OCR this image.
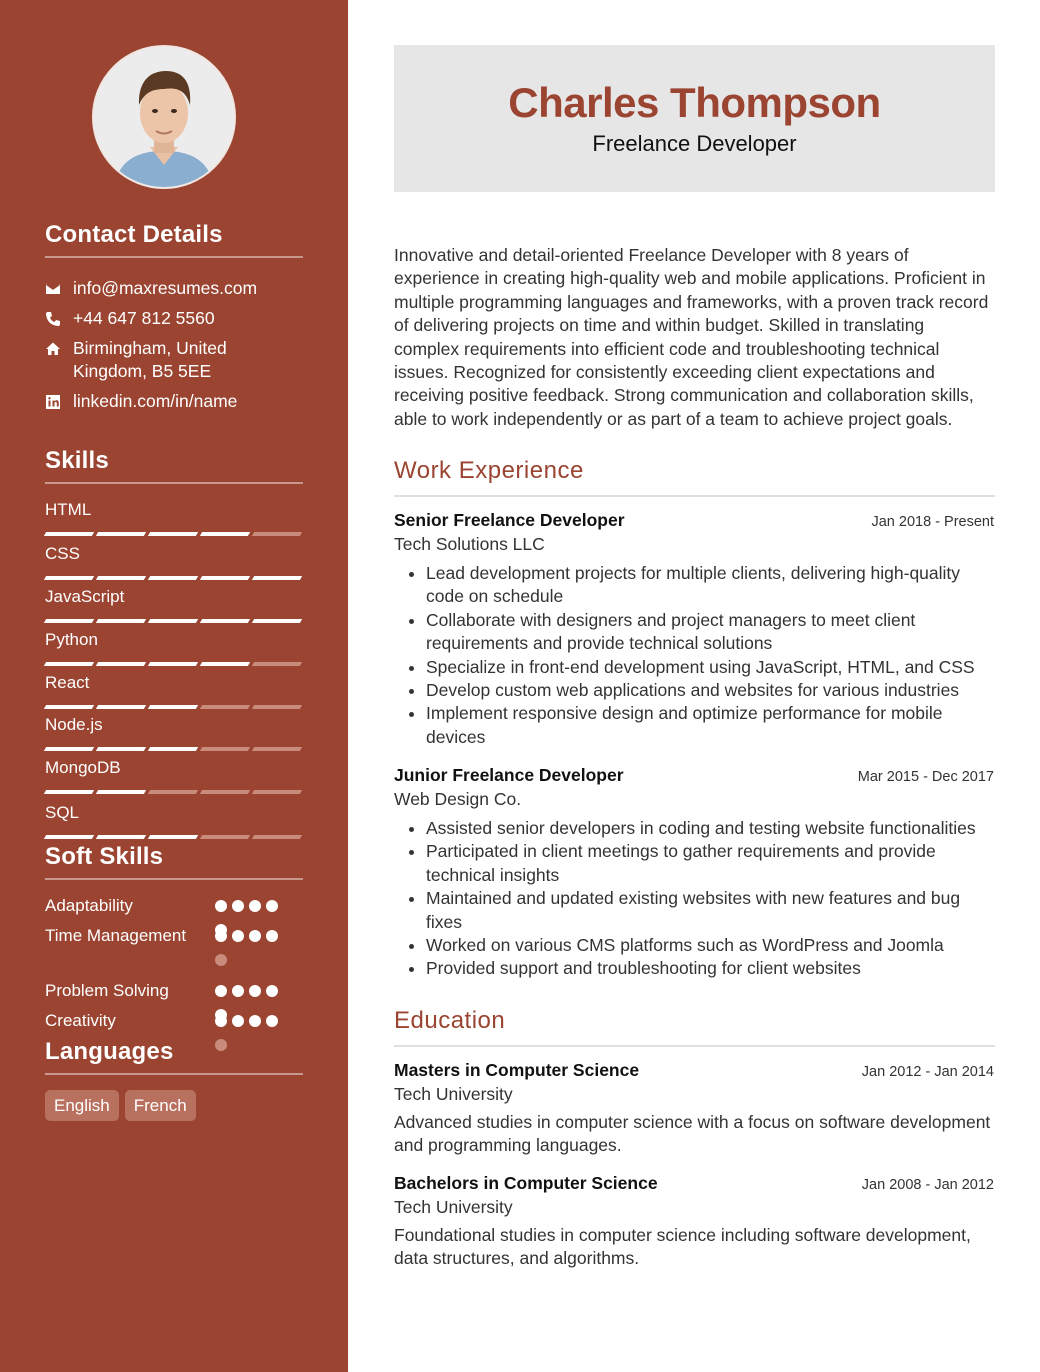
Contact Details
info@maxresumes.com
+44 647 812 5560
Birmingham, United
Kingdom, B5 5EE
linkedin.com/in/name
Skills
HTML
CSS
JavaScript
Python
React
Node.js
MongoDB
SQL
Soft Skills
Adaptability
Time Management
Problem Solving
Creativity
Languages
English	French
Charles Thompson
Freelance Developer
Innovative and detail-oriented Freelance Developer with 8 years of experience in creating high-quality web and mobile applications. Proficient in multiple programming languages and frameworks, with a proven track record of delivering projects on time and within budget. Skilled in translating complex requirements into efficient code and troubleshooting technical issues. Recognized for consistently exceeding client expectations and receiving positive feedback. Strong communication and collaboration skills, able to work independently or as part of a team to achieve project goals.
Work Experience
Senior Freelance Developer	Jan 2018 - Present
Tech Solutions LLC
• Lead development projects for multiple clients, delivering high-quality code on schedule
• Collaborate with designers and project managers to meet client requirements and provide technical solutions
• Specialize in front-end development using JavaScript, HTML, and CSS
• Develop custom web applications and websites for various industries
• Implement responsive design and optimize performance for mobile devices
Junior Freelance Developer	Mar 2015 - Dec 2017
Web Design Co.
• Assisted senior developers in coding and testing website functionalities
• Participated in client meetings to gather requirements and provide technical insights
• Maintained and updated existing websites with new features and bug fixes
• Worked on various CMS platforms such as WordPress and Joomla
• Provided support and troubleshooting for client websites
Education
Masters in Computer Science	Jan 2012 - Jan 2014
Tech University
Advanced studies in computer science with a focus on software development and programming languages.
Bachelors in Computer Science	Jan 2008 - Jan 2012
Tech University
Foundational studies in computer science including software development, data structures, and algorithms.
